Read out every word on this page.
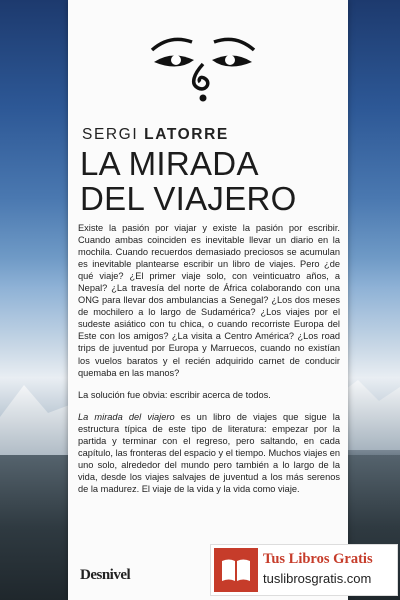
SERGI LATORRE
LA MIRADA
DEL VIAJERO

Existe la pasión por viajar y existe la pasión por escribir. Cuando ambas coinciden es inevitable llevar un diario en la mochila. Cuando recuerdos demasiado preciosos se acumulan es inevitable plantearse escribir un libro de viajes. Pero ¿de qué viaje? ¿El primer viaje solo, con veinticuatro años, a Nepal? ¿La travesía del norte de África colaborando con una ONG para llevar dos ambulancias a Senegal? ¿Los dos meses de mochilero a lo largo de Sudamérica? ¿Los viajes por el sudeste asiático con tu chica, o cuando recorriste Europa del Este con los amigos? ¿La visita a Centro América? ¿Los road trips de juventud por Europa y Marruecos, cuando no existían los vuelos baratos y el recién adquirido carnet de conducir quemaba en las manos?

La solución fue obvia: escribir acerca de todos.

La mirada del viajero es un libro de viajes que sigue la estructura típica de este tipo de literatura: empezar por la partida y terminar con el regreso, pero saltando, en cada capítulo, las fronteras del espacio y el tiempo. Muchos viajes en uno solo, alrededor del mundo pero también a lo largo de la vida, desde los viajes salvajes de juventud a los más serenos de la madurez. El viaje de la vida y la vida como viaje.

Desnivel
Tus Libros Gratis
tuslibrosgratis.com
